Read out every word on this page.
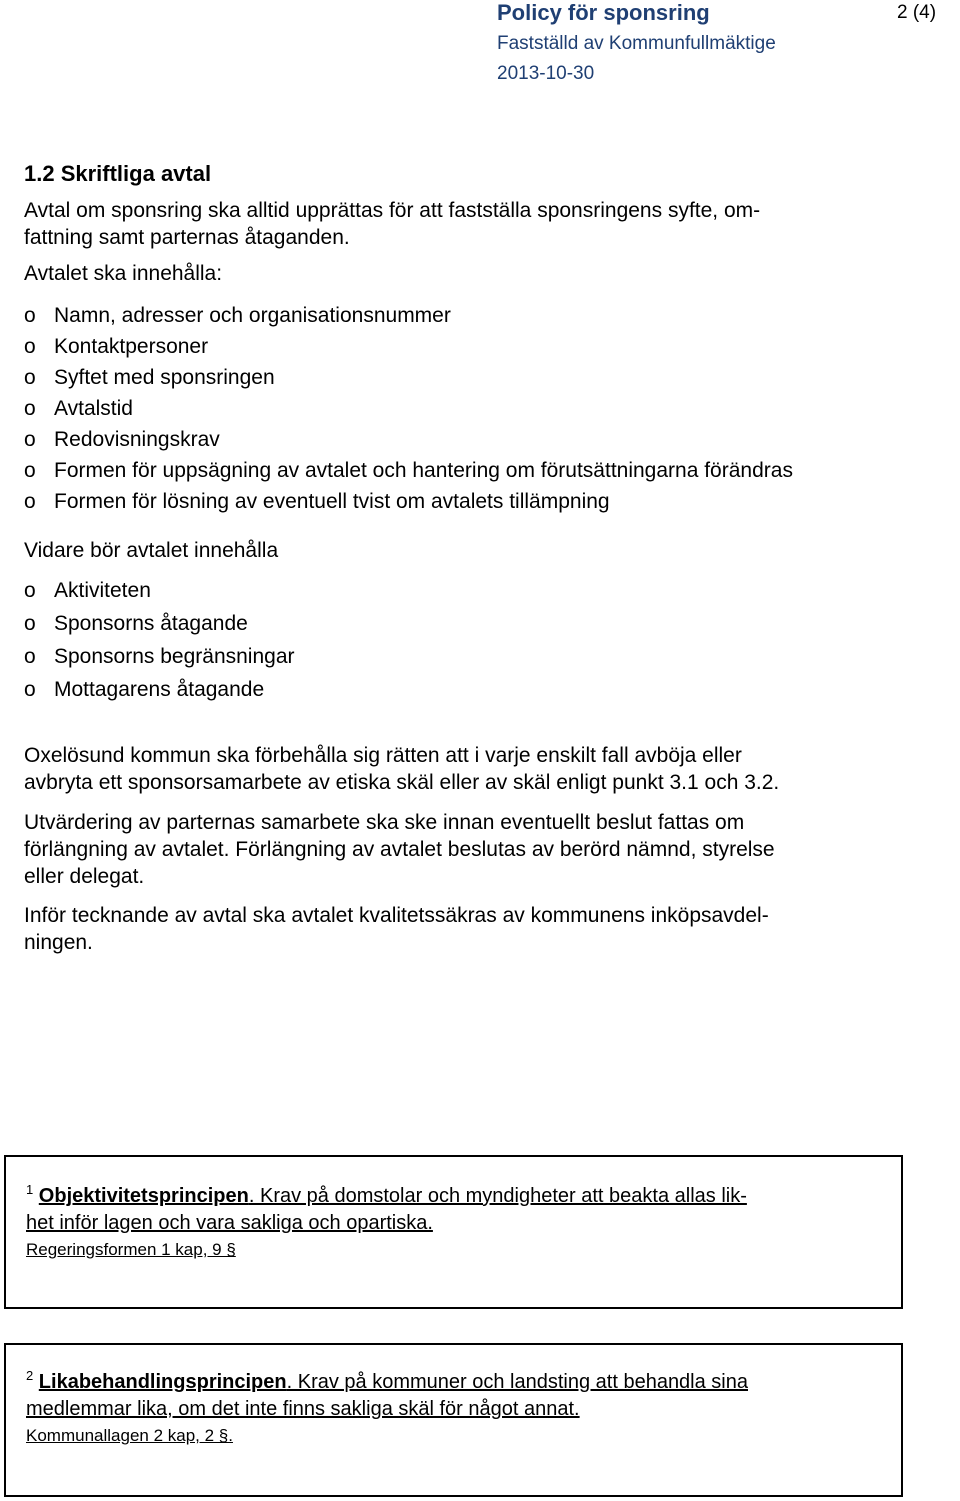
Policy för sponsring
Fastställd av Kommunfullmäktige
2013-10-30
2 (4)
1.2 Skriftliga avtal
Avtal om sponsring ska alltid upprättas för att fastställa sponsringens syfte, om-
fattning samt parternas åtaganden.
Avtalet ska innehålla:
o Namn, adresser och organisationsnummer
o Kontaktpersoner
o Syftet med sponsringen
o Avtalstid
o Redovisningskrav
o Formen för uppsägning av avtalet och hantering om förutsättningarna förändras
o Formen för lösning av eventuell tvist om avtalets tillämpning
Vidare bör avtalet innehålla
o Aktiviteten
o Sponsorns åtagande
o Sponsorns begränsningar
o Mottagarens åtagande
Oxelösund kommun ska förbehålla sig rätten att i varje enskilt fall avböja eller
avbryta ett sponsorsamarbete av etiska skäl eller av skäl enligt punkt 3.1 och 3.2.
Utvärdering av parternas samarbete ska ske innan eventuellt beslut fattas om
förlängning av avtalet. Förlängning av avtalet beslutas av berörd nämnd, styrelse
eller delegat.
Inför tecknande av avtal ska avtalet kvalitetssäkras av kommunens inköpsavdel-
ningen.
$^1$ Objektivitetsprincipen. Krav på domstolar och myndigheter att beakta allas lik-
het inför lagen och vara sakliga och opartiska.
Regeringsformen 1 kap, 9 §
$^2$ Likabehandlingsprincipen. Krav på kommuner och landsting att behandla sina
medlemmar lika, om det inte finns sakliga skäl för något annat.
Kommunallagen 2 kap, 2 §.
